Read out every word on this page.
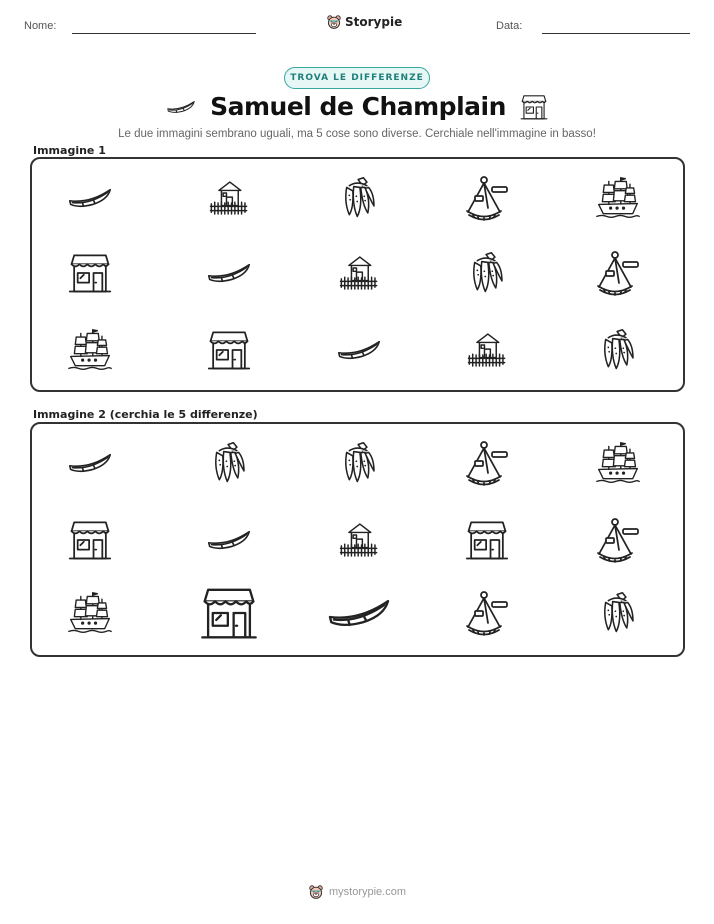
Nome:	Storypie	Data:
TROVA LE DIFFERENZE
Samuel de Champlain
Le due immagini sembrano uguali, ma 5 cose sono diverse. Cerchiale nell'immagine in basso!
Immagine 1
Immagine 2 (cerchia le 5 differenze)
mystorypie.com
